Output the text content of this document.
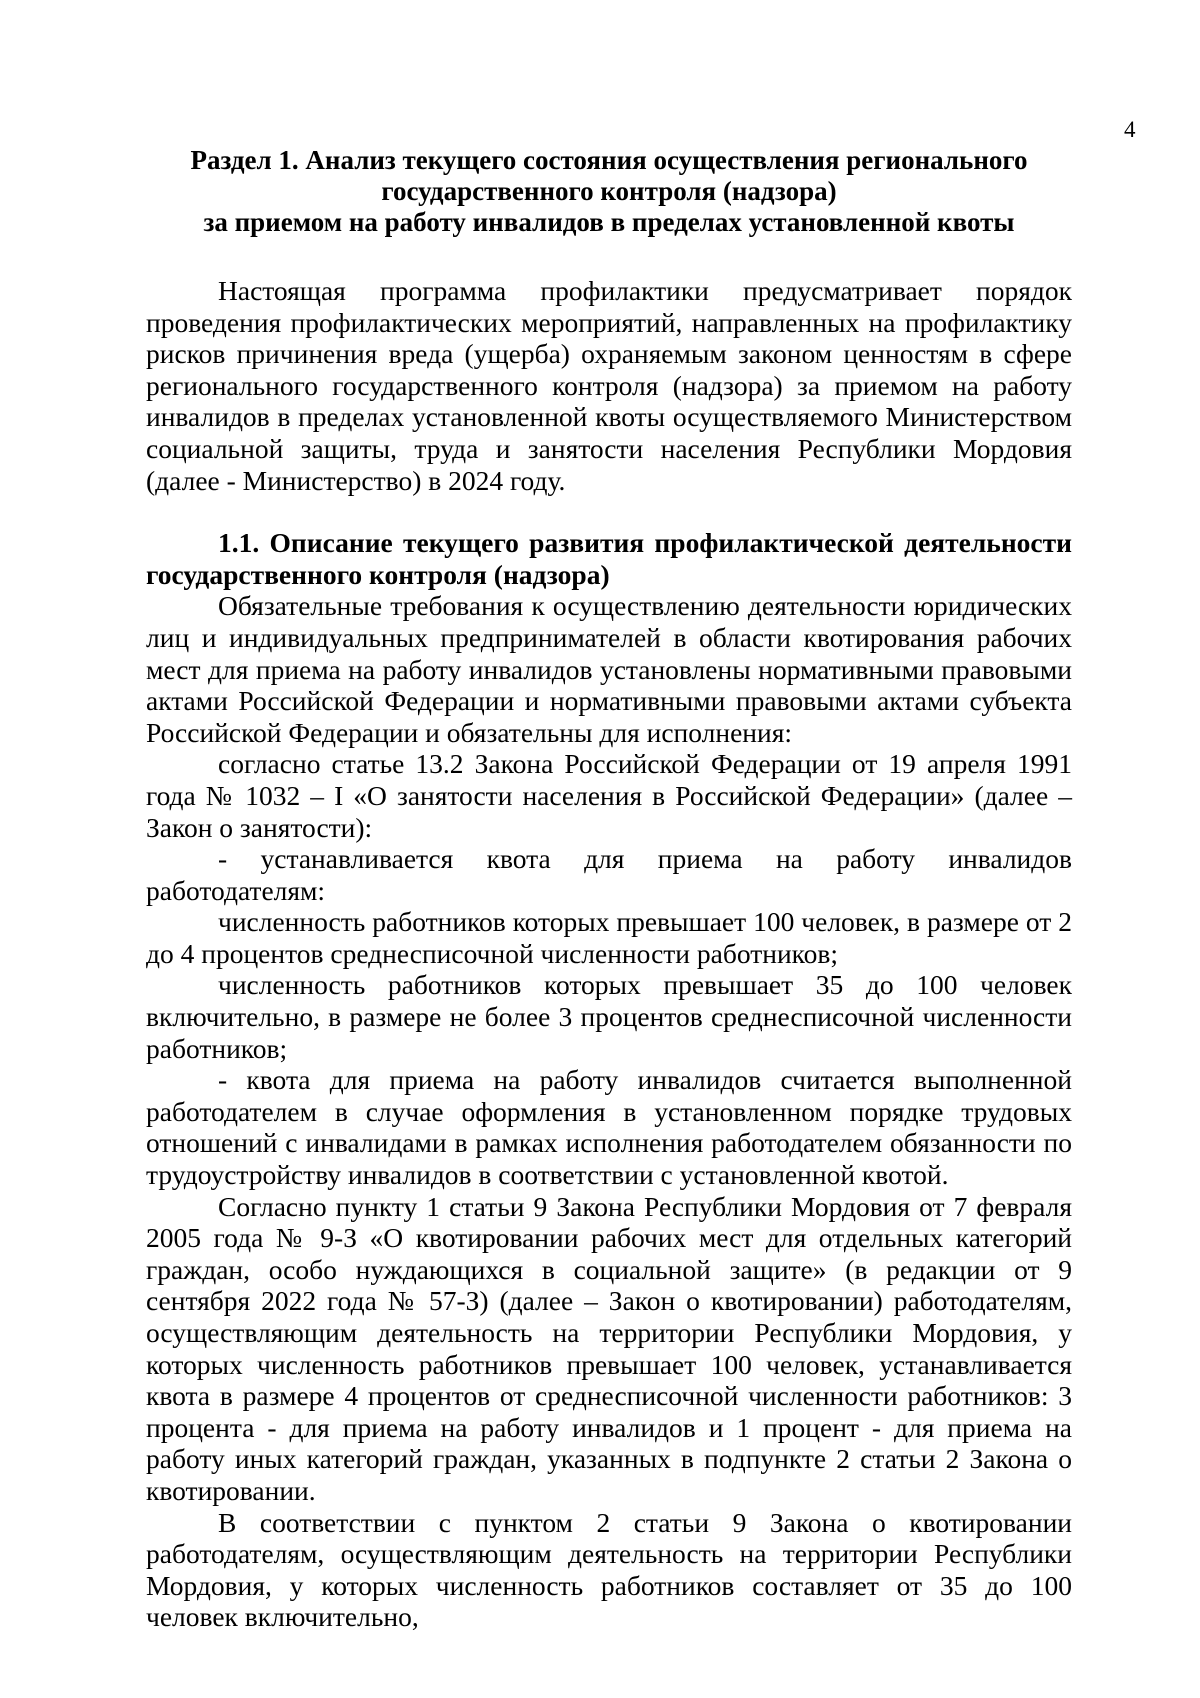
4
Раздел 1. Анализ текущего состояния осуществления регионального
государственного контроля (надзора)
за приемом на работу инвалидов в пределах установленной квоты

Настоящая программа профилактики предусматривает порядок проведения профилактических мероприятий, направленных на профилактику рисков причинения вреда (ущерба) охраняемым законом ценностям в сфере регионального государственного контроля (надзора) за приемом на работу инвалидов в пределах установленной квоты осуществляемого Министерством социальной защиты, труда и занятости населения Республики Мордовия (далее - Министерство) в 2024 году.

1.1. Описание текущего развития профилактической деятельности государственного контроля (надзора)

Обязательные требования к осуществлению деятельности юридических лиц и индивидуальных предпринимателей в области квотирования рабочих мест для приема на работу инвалидов установлены нормативными правовыми актами Российской Федерации и нормативными правовыми актами субъекта Российской Федерации и обязательны для исполнения:

согласно статье 13.2 Закона Российской Федерации от 19 апреля 1991 года № 1032 – I «О занятости населения в Российской Федерации» (далее – Закон о занятости):

- устанавливается квота для приема на работу инвалидов работодателям:

численность работников которых превышает 100 человек, в размере от 2 до 4 процентов среднесписочной численности работников;

численность работников которых превышает 35 до 100 человек включительно, в размере не более 3 процентов среднесписочной численности работников;

- квота для приема на работу инвалидов считается выполненной работодателем в случае оформления в установленном порядке трудовых отношений с инвалидами в рамках исполнения работодателем обязанности по трудоустройству инвалидов в соответствии с установленной квотой.

Согласно пункту 1 статьи 9 Закона Республики Мордовия от 7 февраля 2005 года № 9-З «О квотировании рабочих мест для отдельных категорий граждан, особо нуждающихся в социальной защите» (в редакции от 9 сентября 2022 года № 57-З) (далее – Закон о квотировании) работодателям, осуществляющим деятельность на территории Республики Мордовия, у которых численность работников превышает 100 человек, устанавливается квота в размере 4 процентов от среднесписочной численности работников: 3 процента - для приема на работу инвалидов и 1 процент - для приема на работу иных категорий граждан, указанных в подпункте 2 статьи 2 Закона о квотировании.

В соответствии с пунктом 2 статьи 9 Закона о квотировании работодателям, осуществляющим деятельность на территории Республики Мордовия, у которых численность работников составляет от 35 до 100 человек включительно,
